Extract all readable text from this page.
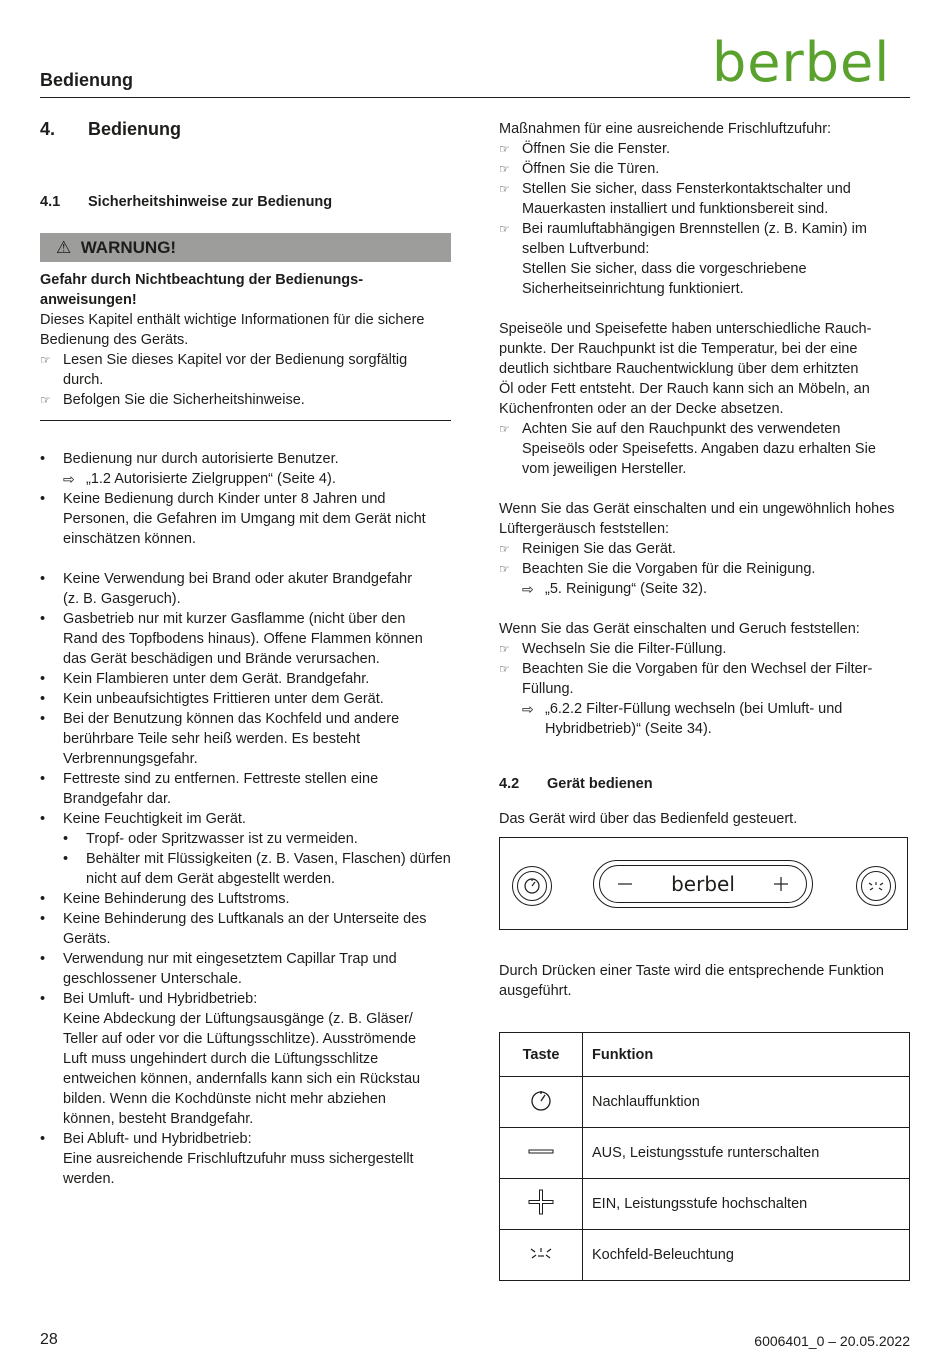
Bedienung	berbel
4. Bedienung
4.1 Sicherheitshinweise zur Bedienung
⚠ WARNUNG!
Gefahr durch Nichtbeachtung der Bedienungs-
anweisungen!
Dieses Kapitel enthält wichtige Informationen für die sichere
Bedienung des Geräts.
☞ Lesen Sie dieses Kapitel vor der Bedienung sorgfältig
durch.
☞ Befolgen Sie die Sicherheitshinweise.
•	Bedienung nur durch autorisierte Benutzer.
⇨ „1.2 Autorisierte Zielgruppen“ (Seite 4).
•	Keine Bedienung durch Kinder unter 8 Jahren und
Personen, die Gefahren im Umgang mit dem Gerät nicht
einschätzen können.
•	Keine Verwendung bei Brand oder akuter Brandgefahr
(z. B. Gasgeruch).
•	Gasbetrieb nur mit kurzer Gasflamme (nicht über den
Rand des Topfbodens hinaus). Offene Flammen können
das Gerät beschädigen und Brände verursachen.
•	Kein Flambieren unter dem Gerät. Brandgefahr.
•	Kein unbeaufsichtigtes Frittieren unter dem Gerät.
•	Bei der Benutzung können das Kochfeld und andere
berührbare Teile sehr heiß werden. Es besteht
Verbrennungsgefahr.
•	Fettreste sind zu entfernen. Fettreste stellen eine
Brandgefahr dar.
•	Keine Feuchtigkeit im Gerät.
•	Tropf- oder Spritzwasser ist zu vermeiden.
•	Behälter mit Flüssigkeiten (z. B. Vasen, Flaschen) dürfen
nicht auf dem Gerät abgestellt werden.
•	Keine Behinderung des Luftstroms.
•	Keine Behinderung des Luftkanals an der Unterseite des
Geräts.
•	Verwendung nur mit eingesetztem Capillar Trap und
geschlossener Unterschale.
•	Bei Umluft- und Hybridbetrieb:
Keine Abdeckung der Lüftungsausgänge (z. B. Gläser/
Teller auf oder vor die Lüftungsschlitze). Ausströmende
Luft muss ungehindert durch die Lüftungsschlitze
entweichen können, andernfalls kann sich ein Rückstau
bilden. Wenn die Kochdünste nicht mehr abziehen
können, besteht Brandgefahr.
•	Bei Abluft- und Hybridbetrieb:
Eine ausreichende Frischluftzufuhr muss sichergestellt
werden.
Maßnahmen für eine ausreichende Frischluftzufuhr:
☞ Öffnen Sie die Fenster.
☞ Öffnen Sie die Türen.
☞ Stellen Sie sicher, dass Fensterkontaktschalter und
Mauerkasten installiert und funktionsbereit sind.
☞ Bei raumluftabhängigen Brennstellen (z. B. Kamin) im
selben Luftverbund:
Stellen Sie sicher, dass die vorgeschriebene
Sicherheitseinrichtung funktioniert.
Speiseöle und Speisefette haben unterschiedliche Rauch-
punkte. Der Rauchpunkt ist die Temperatur, bei der eine
deutlich sichtbare Rauchentwicklung über dem erhitzten
Öl oder Fett entsteht. Der Rauch kann sich an Möbeln, an
Küchenfronten oder an der Decke absetzen.
☞ Achten Sie auf den Rauchpunkt des verwendeten
Speiseöls oder Speisefetts. Angaben dazu erhalten Sie
vom jeweiligen Hersteller.
Wenn Sie das Gerät einschalten und ein ungewöhnlich hohes
Lüftergeräusch feststellen:
☞ Reinigen Sie das Gerät.
☞ Beachten Sie die Vorgaben für die Reinigung.
⇨ „5. Reinigung“ (Seite 32).
Wenn Sie das Gerät einschalten und Geruch feststellen:
☞ Wechseln Sie die Filter-Füllung.
☞ Beachten Sie die Vorgaben für den Wechsel der Filter-
Füllung.
⇨ „6.2.2 Filter-Füllung wechseln (bei Umluft- und
Hybridbetrieb)“ (Seite 34).
4.2 Gerät bedienen
Das Gerät wird über das Bedienfeld gesteuert.
berbel
Durch Drücken einer Taste wird die entsprechende Funktion
ausgeführt.
Taste	Funktion
	Nachlauffunktion
	AUS, Leistungsstufe runterschalten
	EIN, Leistungsstufe hochschalten
	Kochfeld-Beleuchtung
28	6006401_0 – 20.05.2022
